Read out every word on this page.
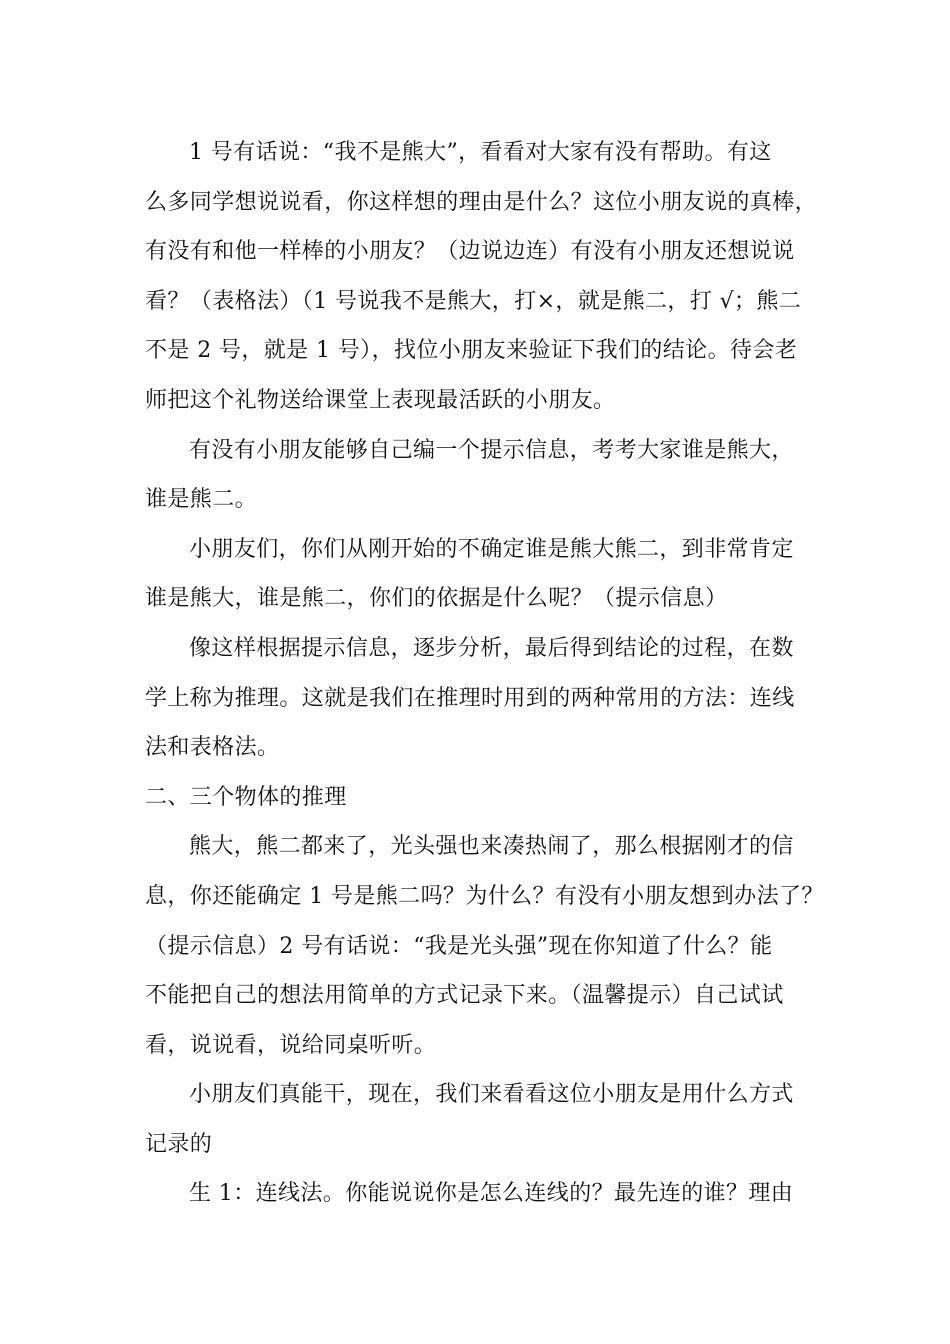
1 号有话说：“我不是熊大”，看看对大家有没有帮助。有这
么多同学想说说看，你这样想的理由是什么？这位小朋友说的真棒，
有没有和他一样棒的小朋友？（边说边连）有没有小朋友还想说说
看？（表格法）（1 号说我不是熊大，打×，就是熊二，打 √；熊二
不是 2 号，就是 1 号），找位小朋友来验证下我们的结论。待会老
师把这个礼物送给课堂上表现最活跃的小朋友。
有没有小朋友能够自己编一个提示信息，考考大家谁是熊大，
谁是熊二。
小朋友们，你们从刚开始的不确定谁是熊大熊二，到非常肯定
谁是熊大，谁是熊二，你们的依据是什么呢？（提示信息）
像这样根据提示信息，逐步分析，最后得到结论的过程，在数
学上称为推理。这就是我们在推理时用到的两种常用的方法：连线
法和表格法。
二、三个物体的推理
熊大，熊二都来了，光头强也来凑热闹了，那么根据刚才的信
息，你还能确定 1 号是熊二吗？为什么？有没有小朋友想到办法了？
（提示信息）2 号有话说：“我是光头强”现在你知道了什么？能
不能把自己的想法用简单的方式记录下来。（温馨提示）自己试试
看，说说看，说给同桌听听。
小朋友们真能干，现在，我们来看看这位小朋友是用什么方式
记录的
生 1：连线法。你能说说你是怎么连线的？最先连的谁？理由
